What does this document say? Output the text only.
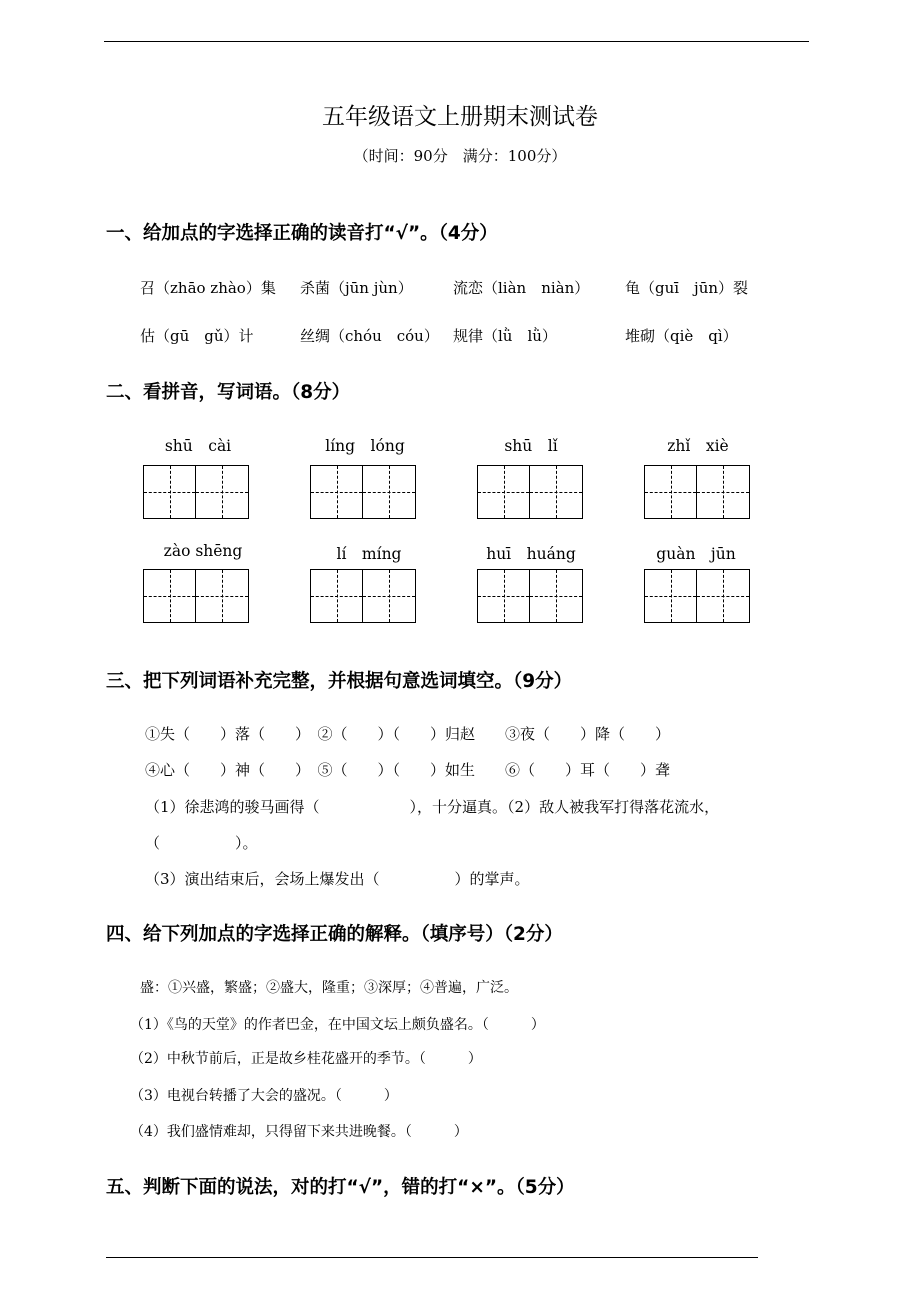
五年级语文上册期末测试卷
（时间：90分　满分：100分）
一、给加点的字选择正确的读音打“√”。（4分）
召（zhāo zhào）集 杀菌（jūn jùn）	流恋（liàn　niàn） 龟（guī　jūn）裂
估（gū　gǔ）计	丝绸（chóu　cóu） 规律（lǜ　lǜ）	堆砌（qiè　qì）
二、看拼音，写词语。（8分）
shū　cài	líng　lóng	shū　lǐ	zhǐ　xiè
zào shēng	lí　míng	huī　huáng	guàn　jūn
三、把下列词语补充完整，并根据句意选词填空。（9分）
①失（　　）落（　　）　②（　　）（　　）归赵　　③夜（　　）降（　　）
④心（　　）神（　　）　⑤（　　）（　　）如生　　⑥（　　）耳（　　）聋
（1）徐悲鸿的骏马画得（　　　　　　），十分逼真。（2）敌人被我军打得落花流水，
（　　　　　）。
（3）演出结束后，会场上爆发出（　　　　　）的掌声。
四、给下列加点的字选择正确的解释。（填序号）（2分）
盛：①兴盛，繁盛；②盛大，隆重；③深厚；④普遍，广泛。
（1）《鸟的天堂》的作者巴金，在中国文坛上颇负盛名。（　　　）
（2）中秋节前后，正是故乡桂花盛开的季节。（　　　）
（3）电视台转播了大会的盛况。（　　　）
（4）我们盛情难却，只得留下来共进晚餐。（　　　）
五、判断下面的说法，对的打“√”，错的打“×”。（5分）
